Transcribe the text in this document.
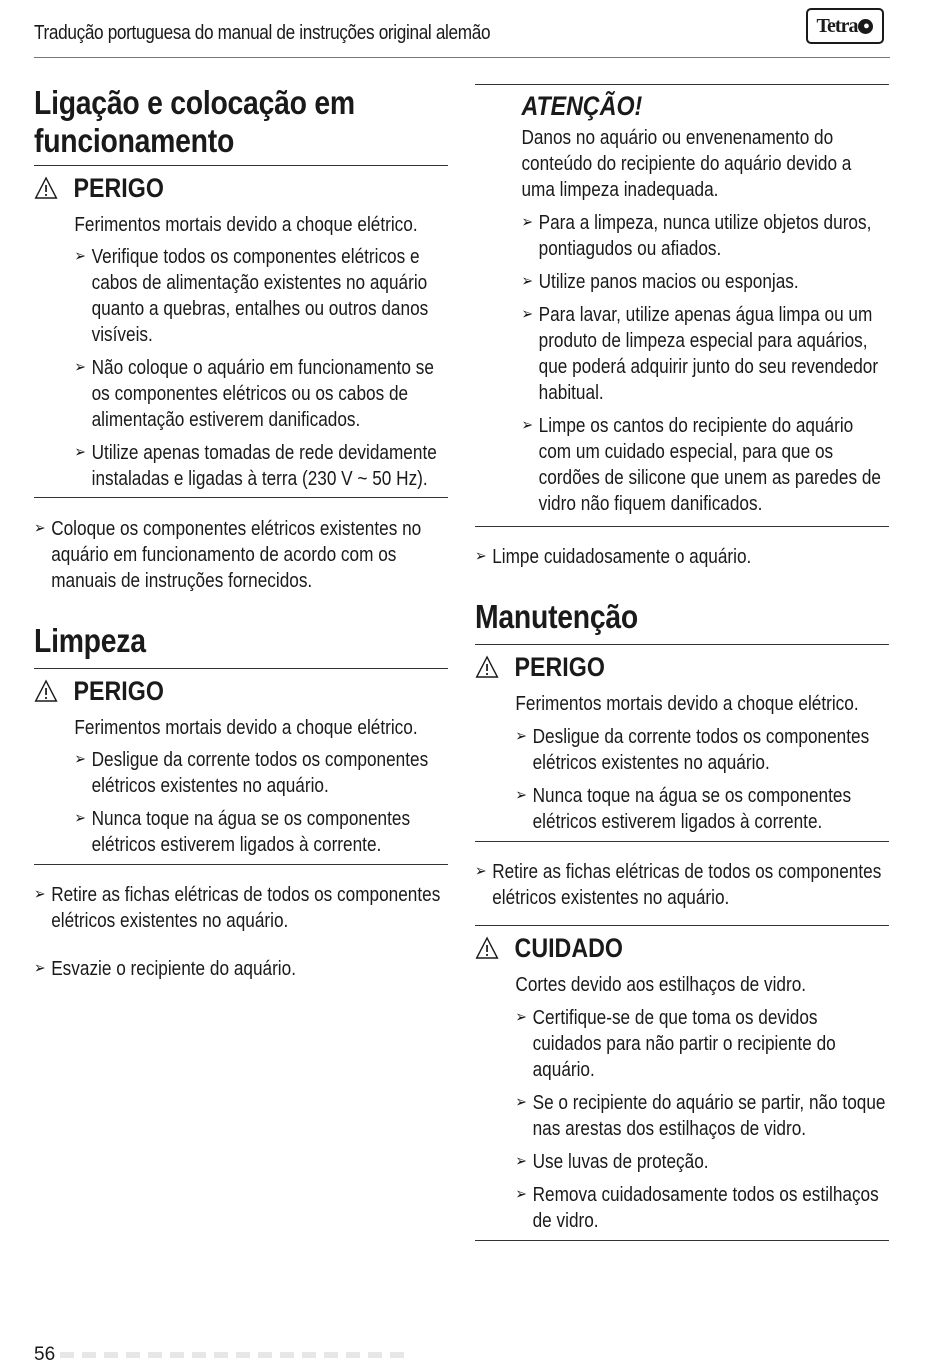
Tradução portuguesa do manual de instruções original alemão	Tetra ●
Ligação e colocação em
funcionamento
PERIGO
Ferimentos mortais devido a choque elétrico.
➢ Verifique todos os componentes elétricos e cabos de alimentação existentes no aquário quanto a quebras, entalhes ou outros danos visíveis.
➢ Não coloque o aquário em funcionamento se os componentes elétricos ou os cabos de alimentação estiverem danificados.
➢ Utilize apenas tomadas de rede devidamente instaladas e ligadas à terra (230 V ~ 50 Hz).
➢ Coloque os componentes elétricos existentes no aquário em funcionamento de acordo com os manuais de instruções fornecidos.
Limpeza
PERIGO
Ferimentos mortais devido a choque elétrico.
➢ Desligue da corrente todos os componentes elétricos existentes no aquário.
➢ Nunca toque na água se os componentes elétricos estiverem ligados à corrente.
➢ Retire as fichas elétricas de todos os componentes elétricos existentes no aquário.
➢ Esvazie o recipiente do aquário.
ATENÇÃO!
Danos no aquário ou envenenamento do conteúdo do recipiente do aquário devido a uma limpeza inadequada.
➢ Para a limpeza, nunca utilize objetos duros, pontiagudos ou afiados.
➢ Utilize panos macios ou esponjas.
➢ Para lavar, utilize apenas água limpa ou um produto de limpeza especial para aquários, que poderá adquirir junto do seu revendedor habitual.
➢ Limpe os cantos do recipiente do aquário com um cuidado especial, para que os cordões de silicone que unem as paredes de vidro não fiquem danificados.
➢ Limpe cuidadosamente o aquário.
Manutenção
PERIGO
Ferimentos mortais devido a choque elétrico.
➢ Desligue da corrente todos os componentes elétricos existentes no aquário.
➢ Nunca toque na água se os componentes elétricos estiverem ligados à corrente.
➢ Retire as fichas elétricas de todos os componentes elétricos existentes no aquário.
CUIDADO
Cortes devido aos estilhaços de vidro.
➢ Certifique-se de que toma os devidos cuidados para não partir o recipiente do aquário.
➢ Se o recipiente do aquário se partir, não toque nas arestas dos estilhaços de vidro.
➢ Use luvas de proteção.
➢ Remova cuidadosamente todos os estilhaços de vidro.
56
